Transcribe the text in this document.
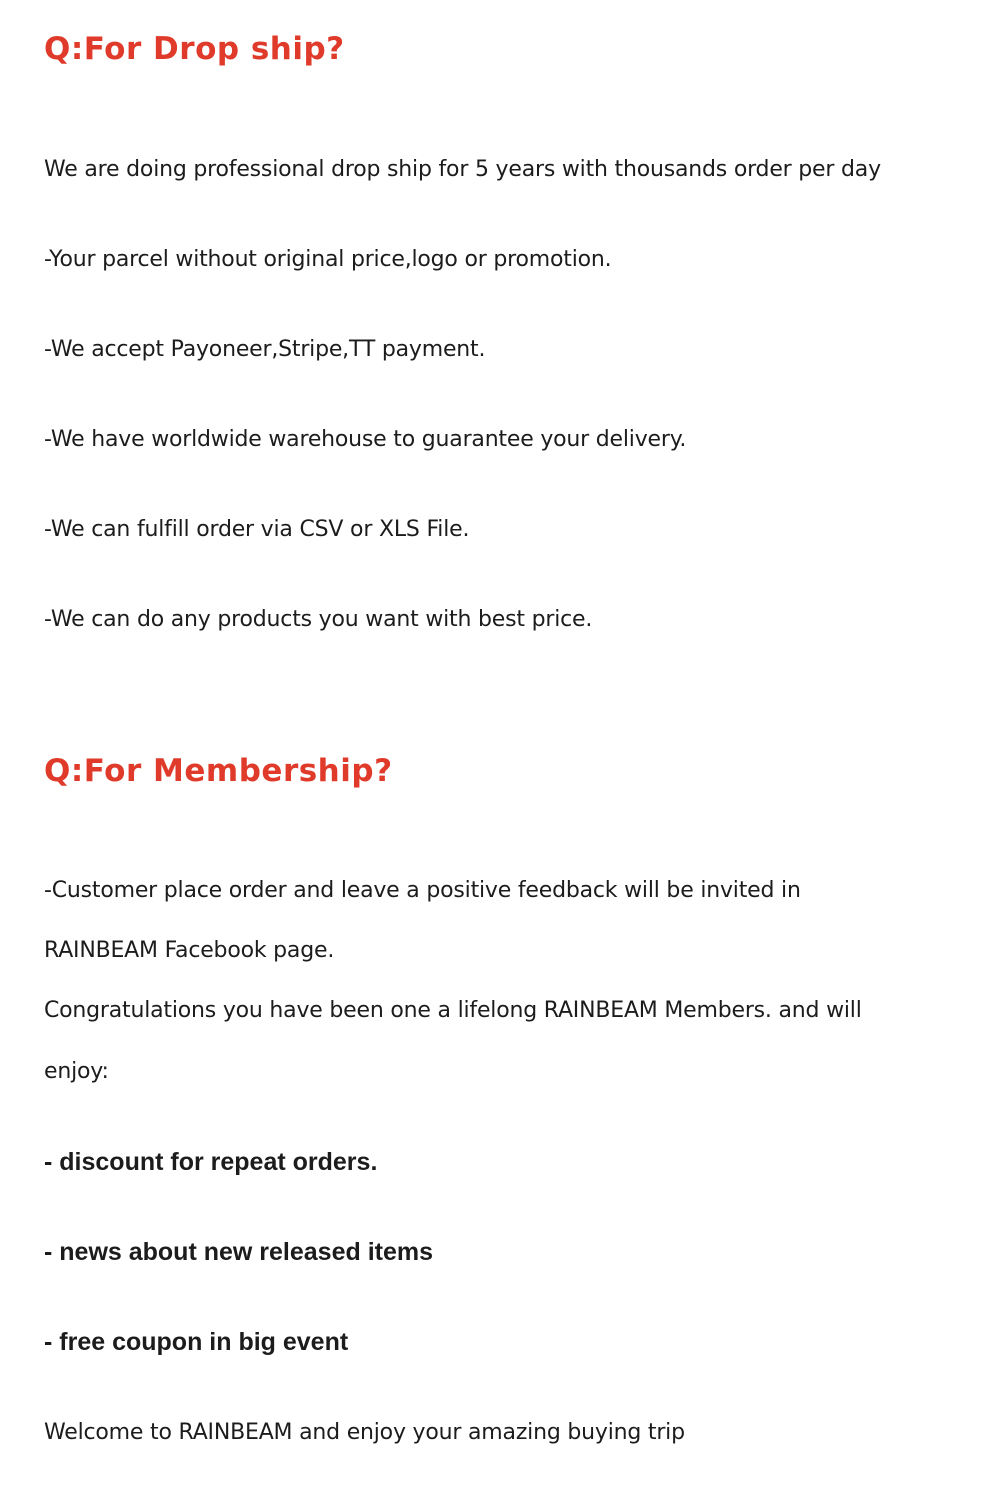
Q:For Drop ship?

We are doing professional drop ship for 5 years with thousands order per day

-Your parcel without original price,logo or promotion.

-We accept Payoneer,Stripe,TT payment.

-We have worldwide warehouse to guarantee your delivery.

-We can fulfill order via CSV or XLS File.

-We can do any products you want with best price.

Q:For Membership?

-Customer place order and leave a positive feedback will be invited in

RAINBEAM Facebook page.

Congratulations you have been one a lifelong RAINBEAM Members. and will

enjoy:

- discount for repeat orders.

- news about new released items

- free coupon in big event

Welcome to RAINBEAM and enjoy your amazing buying trip
